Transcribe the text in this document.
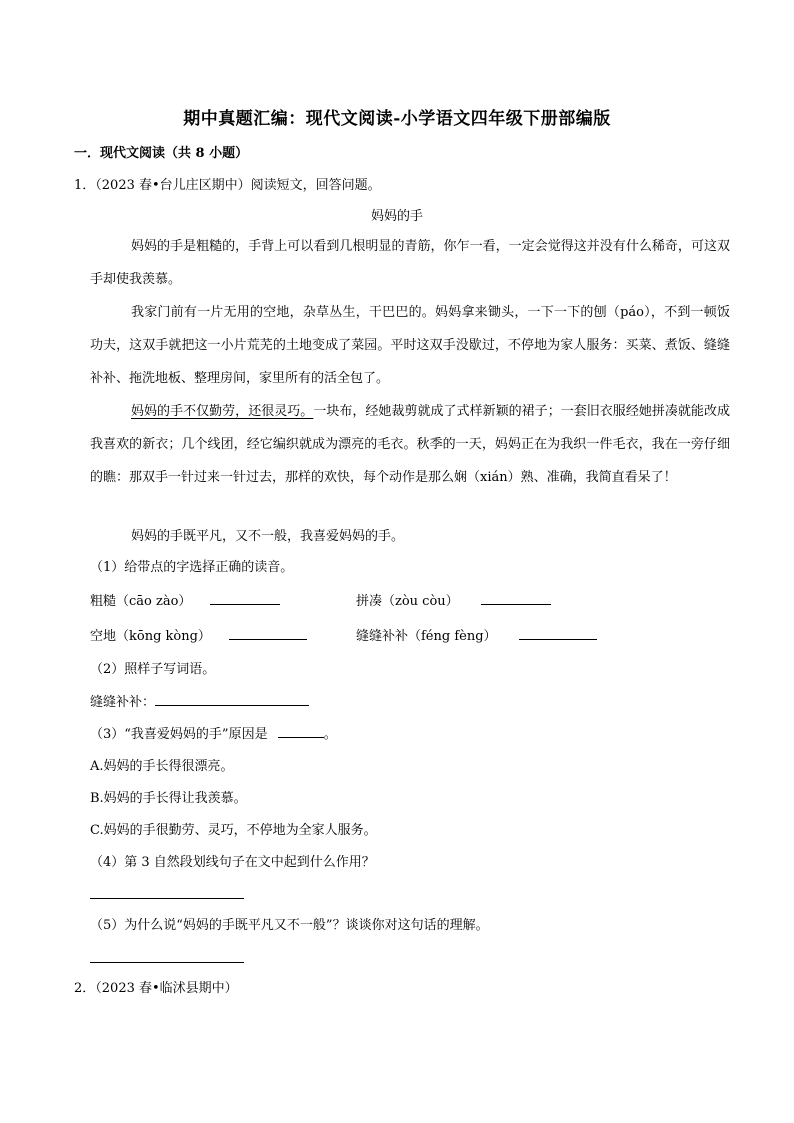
期中真题汇编：现代文阅读-小学语文四年级下册部编版
一．现代文阅读（共 8 小题）
1．（2023 春•台儿庄区期中）阅读短文，回答问题。
妈妈的手
妈妈的手是粗糙的，手背上可以看到几根明显的青筋，你乍一看，一定会觉得这并没有什么稀奇，可这双手却使我羡慕。
我家门前有一片无用的空地，杂草丛生，干巴巴的。妈妈拿来锄头，一下一下的刨（páo），不到一顿饭功夫，这双手就把这一小片荒芜的土地变成了菜园。平时这双手没歇过，不停地为家人服务：买菜、煮饭、缝缝补补、拖洗地板、整理房间，家里所有的活全包了。
妈妈的手不仅勤劳，还很灵巧。一块布，经她裁剪就成了式样新颖的裙子；一套旧衣服经她拼凑就能改成我喜欢的新衣；几个线团，经它编织就成为漂亮的毛衣。秋季的一天，妈妈正在为我织一件毛衣，我在一旁仔细的瞧：那双手一针过来一针过去，那样的欢快，每个动作是那么娴（xián）熟、准确，我简直看呆了！
妈妈的手既平凡，又不一般，我喜爱妈妈的手。
（1）给带点的字选择正确的读音。
粗糙（cāo zào）	拼凑（zòu còu）
空地（kōng kòng）	缝缝补补（féng fèng）
（2）照样子写词语。
缝缝补补：
（3）“我喜爱妈妈的手”原因是	。
A.妈妈的手长得很漂亮。
B.妈妈的手长得让我羡慕。
C.妈妈的手很勤劳、灵巧，不停地为全家人服务。
（4）第 3 自然段划线句子在文中起到什么作用？
（5）为什么说“妈妈的手既平凡又不一般”？谈谈你对这句话的理解。
2．（2023 春•临沭县期中）
